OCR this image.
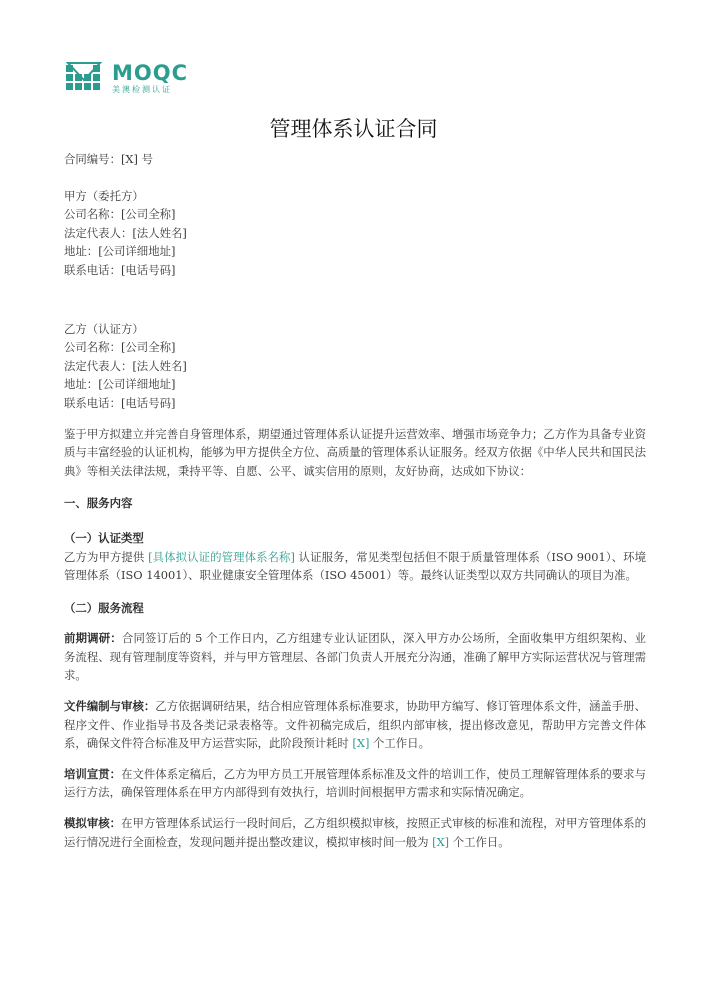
MOQC
美澳检测认证
管理体系认证合同
合同编号：[X] 号
甲方（委托方）
公司名称：[公司全称]
法定代表人：[法人姓名]
地址：[公司详细地址]
联系电话：[电话号码]
乙方（认证方）
公司名称：[公司全称]
法定代表人：[法人姓名]
地址：[公司详细地址]
联系电话：[电话号码]

鉴于甲方拟建立并完善自身管理体系，期望通过管理体系认证提升运营效率、增强市场竞争力；乙方作为具备专业资质与丰富经验的认证机构，能够为甲方提供全方位、高质量的管理体系认证服务。经双方依据《中华人民共和国民法典》等相关法律法规，秉持平等、自愿、公平、诚实信用的原则，友好协商，达成如下协议：

一、服务内容
（一）认证类型

乙方为甲方提供 [具体拟认证的管理体系名称] 认证服务，常见类型包括但不限于质量管理体系（ISO 9001）、环境管理体系（ISO 14001）、职业健康安全管理体系（ISO 45001）等。最终认证类型以双方共同确认的项目为准。

（二）服务流程

前期调研：合同签订后的 5 个工作日内，乙方组建专业认证团队，深入甲方办公场所，全面收集甲方组织架构、业务流程、现有管理制度等资料，并与甲方管理层、各部门负责人开展充分沟通，准确了解甲方实际运营状况与管理需求。

文件编制与审核：乙方依据调研结果，结合相应管理体系标准要求，协助甲方编写、修订管理体系文件，涵盖手册、程序文件、作业指导书及各类记录表格等。文件初稿完成后，组织内部审核，提出修改意见，帮助甲方完善文件体系，确保文件符合标准及甲方运营实际，此阶段预计耗时 [X] 个工作日。

培训宣贯：在文件体系定稿后，乙方为甲方员工开展管理体系标准及文件的培训工作，使员工理解管理体系的要求与运行方法，确保管理体系在甲方内部得到有效执行，培训时间根据甲方需求和实际情况确定。

模拟审核：在甲方管理体系试运行一段时间后，乙方组织模拟审核，按照正式审核的标准和流程，对甲方管理体系的运行情况进行全面检查，发现问题并提出整改建议，模拟审核时间一般为 [X] 个工作日。
